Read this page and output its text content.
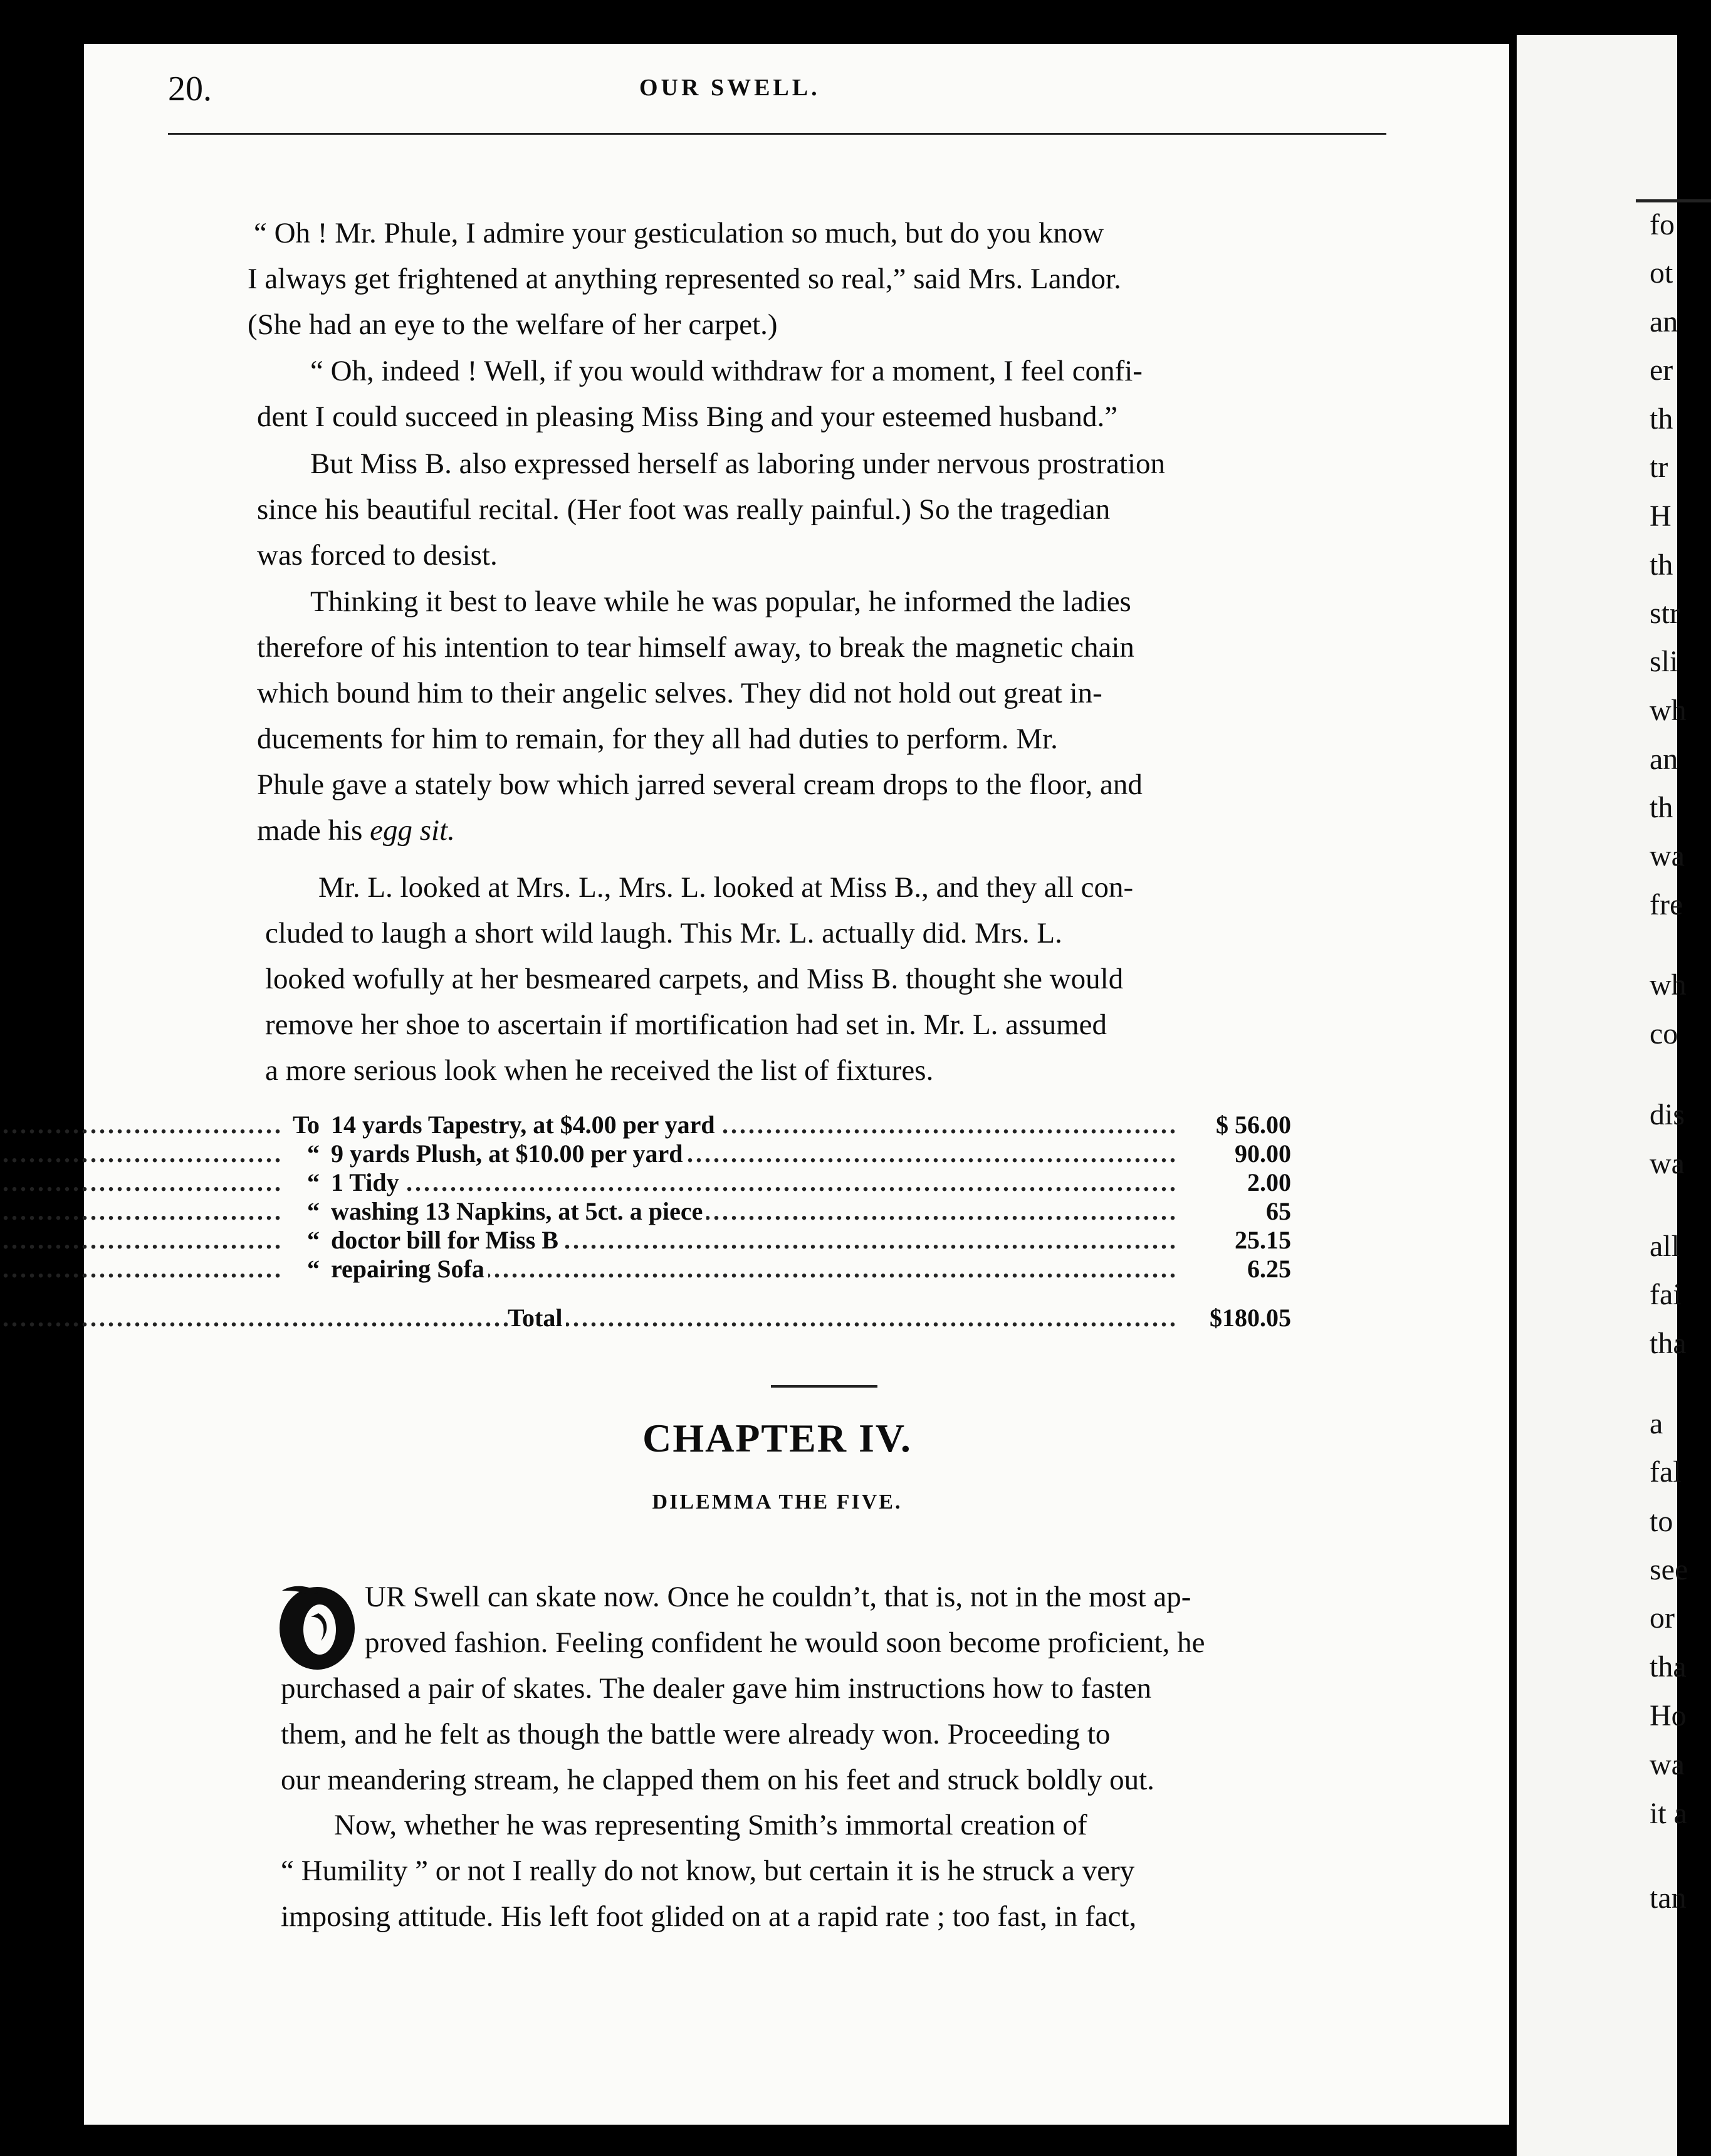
fo
ot
an
er
th
tr
H
th
str
sli
wh
an
th
wa
fre
wh
co
dis
wa
all
fai
tha
a
fal
to
see
or
tha
Ho
wa
it a
tan
20.	OUR SWELL.
“ Oh ! Mr. Phule, I admire your gesticulation so much, but do you know
I always get frightened at anything represented so real,” said Mrs. Landor.
(She had an eye to the welfare of her carpet.)
“ Oh, indeed ! Well, if you would withdraw for a moment, I feel confi-
dent I could succeed in pleasing Miss Bing and your esteemed husband.”
But Miss B. also expressed herself as laboring under nervous prostration
since his beautiful recital. (Her foot was really painful.) So the tragedian
was forced to desist.
Thinking it best to leave while he was popular, he informed the ladies
therefore of his intention to tear himself away, to break the magnetic chain
which bound him to their angelic selves. They did not hold out great in-
ducements for him to remain, for they all had duties to perform. Mr.
Phule gave a stately bow which jarred several cream drops to the floor, and
made his egg sit.
Mr. L. looked at Mrs. L., Mrs. L. looked at Miss B., and they all con-
cluded to laugh a short wild laugh. This Mr. L. actually did. Mrs. L.
looked wofully at her besmeared carpets, and Miss B. thought she would
remove her shoe to ascertain if mortification had set in. Mr. L. assumed
a more serious look when he received the list of fixtures.
.....
To 14 yards Tapestry, at $4.00 per yard	$ 56.00
.....
“ 9 yards Plush, at $10.00 per yard	90.00
.....
“ 1 Tidy	2.00
.....
“ washing 13 Napkins, at 5ct. a piece	65
.....
“ doctor bill for Miss B	25.15
.....
“ repairing Sofa	6.25
.....
Total	$180.05
CHAPTER IV.
DILEMMA THE FIVE.
UR Swell can skate now. Once he couldn’t, that is, not in the most ap-
proved fashion. Feeling confident he would soon become proficient, he
purchased a pair of skates. The dealer gave him instructions how to fasten
them, and he felt as though the battle were already won. Proceeding to
our meandering stream, he clapped them on his feet and struck boldly out.
Now, whether he was representing Smith’s immortal creation of
“ Humility ” or not I really do not know, but certain it is he struck a very
imposing attitude. His left foot glided on at a rapid rate ; too fast, in fact,
